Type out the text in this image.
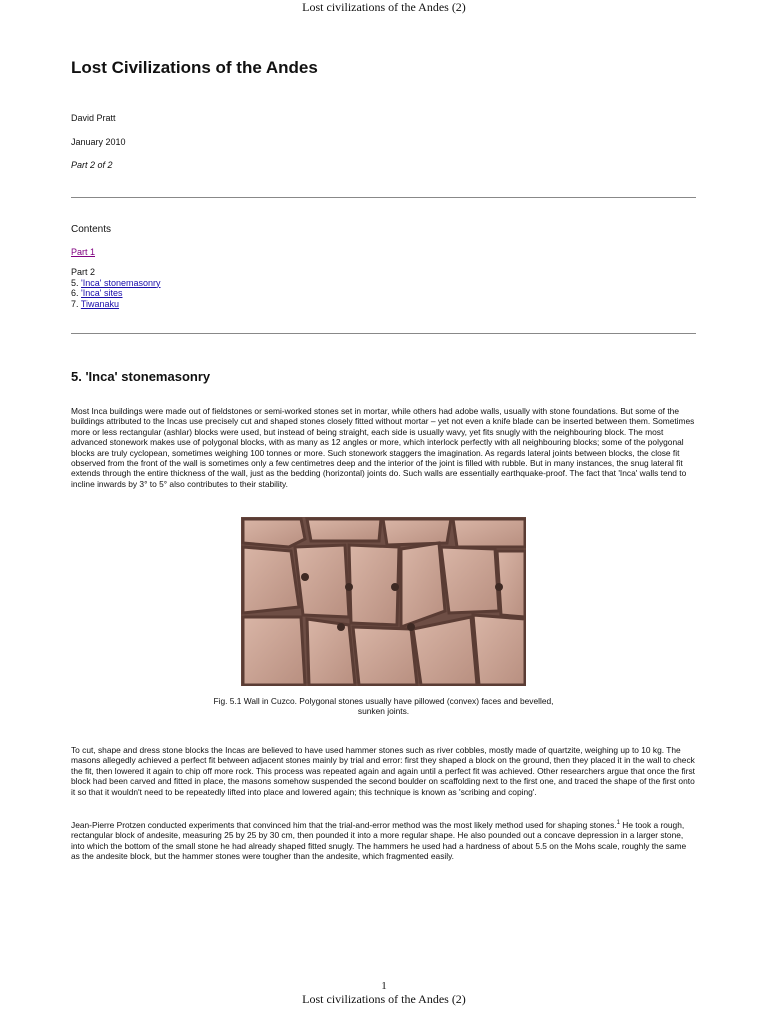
Lost civilizations of the Andes (2)
Lost Civilizations of the Andes
David Pratt
January 2010
Part 2 of 2
Contents
Part 1
Part 2
5. 'Inca' stonemasonry
6. 'Inca' sites
7. Tiwanaku
5. 'Inca' stonemasonry

Most Inca buildings were made out of fieldstones or semi-worked stones set in mortar, while others had adobe walls, usually with stone foundations. But some of the buildings attributed to the Incas use precisely cut and shaped stones closely fitted without mortar – yet not even a knife blade can be inserted between them. Sometimes more or less rectangular (ashlar) blocks were used, but instead of being straight, each side is usually wavy, yet fits snugly with the neighbouring block. The most advanced stonework makes use of polygonal blocks, with as many as 12 angles or more, which interlock perfectly with all neighbouring blocks; some of the polygonal blocks are truly cyclopean, sometimes weighing 100 tonnes or more. Such stonework staggers the imagination. As regards lateral joints between blocks, the close fit observed from the front of the wall is sometimes only a few centimetres deep and the interior of the joint is filled with rubble. But in many instances, the snug lateral fit extends through the entire thickness of the wall, just as the bedding (horizontal) joints do. Such walls are essentially earthquake-proof. The fact that 'Inca' walls tend to incline inwards by 3° to 5° also contributes to their stability.

Fig. 5.1 Wall in Cuzco. Polygonal stones usually have pillowed (convex) faces and bevelled, sunken joints.

To cut, shape and dress stone blocks the Incas are believed to have used hammer stones such as river cobbles, mostly made of quartzite, weighing up to 10 kg. The masons allegedly achieved a perfect fit between adjacent stones mainly by trial and error: first they shaped a block on the ground, then they placed it in the wall to check the fit, then lowered it again to chip off more rock. This process was repeated again and again until a perfect fit was achieved. Other researchers argue that once the first block had been carved and fitted in place, the masons somehow suspended the second boulder on scaffolding next to the first one, and traced the shape of the first onto it so that it wouldn't need to be repeatedly lifted into place and lowered again; this technique is known as 'scribing and coping'.

Jean-Pierre Protzen conducted experiments that convinced him that the trial-and-error method was the most likely method used for shaping stones.$^1$ He took a rough, rectangular block of andesite, measuring 25 by 25 by 30 cm, then pounded it into a more regular shape. He also pounded out a concave depression in a larger stone, into which the bottom of the small stone he had already shaped fitted snugly. The hammers he used had a hardness of about 5.5 on the Mohs scale, roughly the same as the andesite block, but the hammer stones were tougher than the andesite, which fragmented easily.

1
Lost civilizations of the Andes (2)
